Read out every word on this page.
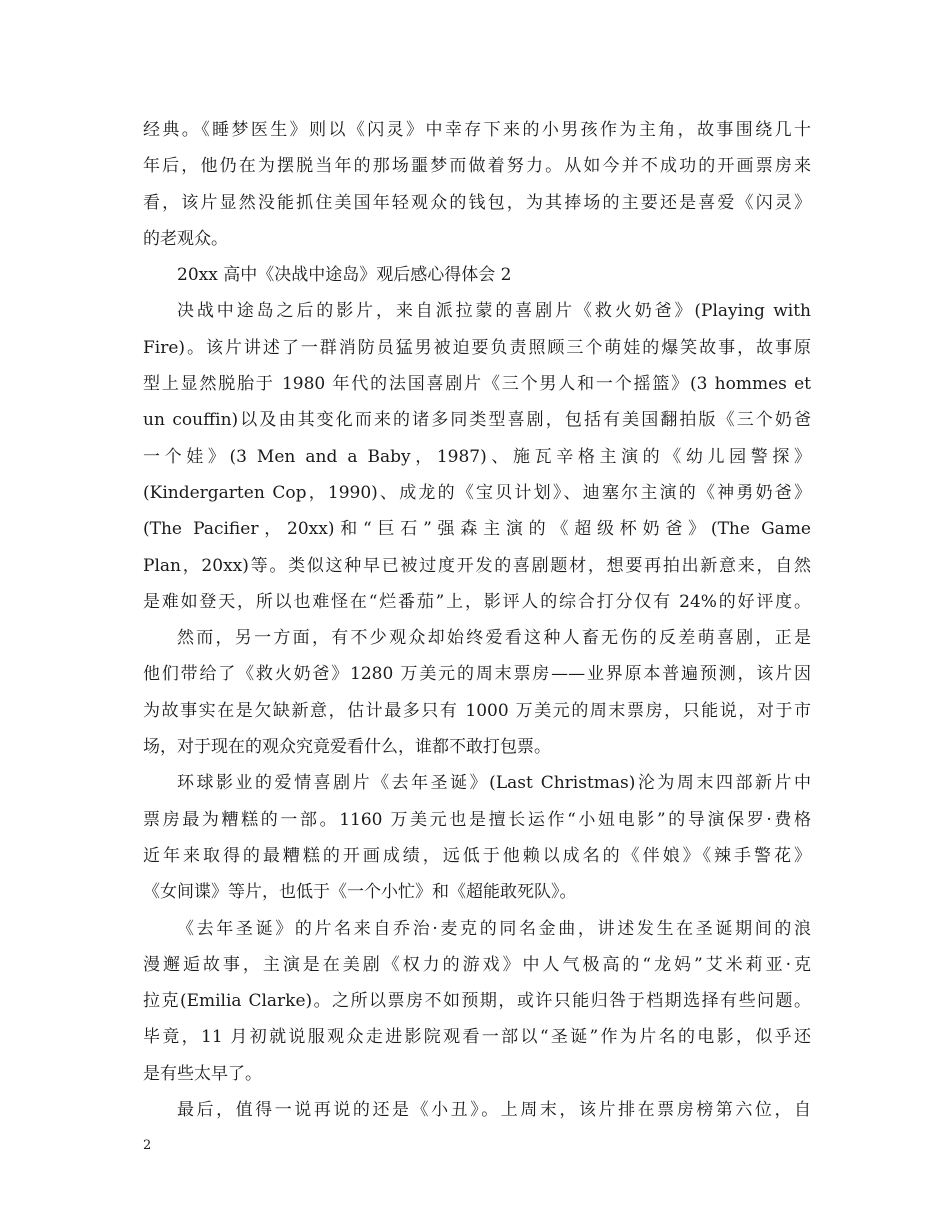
经典。《睡梦医生》则以《闪灵》中幸存下来的小男孩作为主角，故事围绕几十
年后，他仍在为摆脱当年的那场噩梦而做着努力。从如今并不成功的开画票房来
看，该片显然没能抓住美国年轻观众的钱包，为其捧场的主要还是喜爱《闪灵》
的老观众。
20xx 高中《决战中途岛》观后感心得体会 2
决战中途岛之后的影片，来自派拉蒙的喜剧片《救火奶爸》(Playing with
Fire)。该片讲述了一群消防员猛男被迫要负责照顾三个萌娃的爆笑故事，故事原
型上显然脱胎于 1980 年代的法国喜剧片《三个男人和一个摇篮》(3 hommes et
un couffin)以及由其变化而来的诸多同类型喜剧，包括有美国翻拍版《三个奶爸
一个娃》(3 Men and a Baby，1987)、施瓦辛格主演的《幼儿园警探》
(Kindergarten Cop，1990)、成龙的《宝贝计划》、迪塞尔主演的《神勇奶爸》
(The Pacifier，20xx)和“巨石”强森主演的《超级杯奶爸》(The Game
Plan，20xx)等。类似这种早已被过度开发的喜剧题材，想要再拍出新意来，自然
是难如登天，所以也难怪在“烂番茄”上，影评人的综合打分仅有 24%的好评度。
然而，另一方面，有不少观众却始终爱看这种人畜无伤的反差萌喜剧，正是
他们带给了《救火奶爸》1280 万美元的周末票房——业界原本普遍预测，该片因
为故事实在是欠缺新意，估计最多只有 1000 万美元的周末票房，只能说，对于市
场，对于现在的观众究竟爱看什么，谁都不敢打包票。
环球影业的爱情喜剧片《去年圣诞》(Last Christmas)沦为周末四部新片中
票房最为糟糕的一部。1160 万美元也是擅长运作“小妞电影”的导演保罗·费格
近年来取得的最糟糕的开画成绩，远低于他赖以成名的《伴娘》《辣手警花》
《女间谍》等片，也低于《一个小忙》和《超能敢死队》。
《去年圣诞》的片名来自乔治·麦克的同名金曲，讲述发生在圣诞期间的浪
漫邂逅故事，主演是在美剧《权力的游戏》中人气极高的“龙妈”艾米莉亚·克
拉克(Emilia Clarke)。之所以票房不如预期，或许只能归咎于档期选择有些问题。
毕竟，11 月初就说服观众走进影院观看一部以“圣诞”作为片名的电影，似乎还
是有些太早了。
最后，值得一说再说的还是《小丑》。上周末，该片排在票房榜第六位，自
2
